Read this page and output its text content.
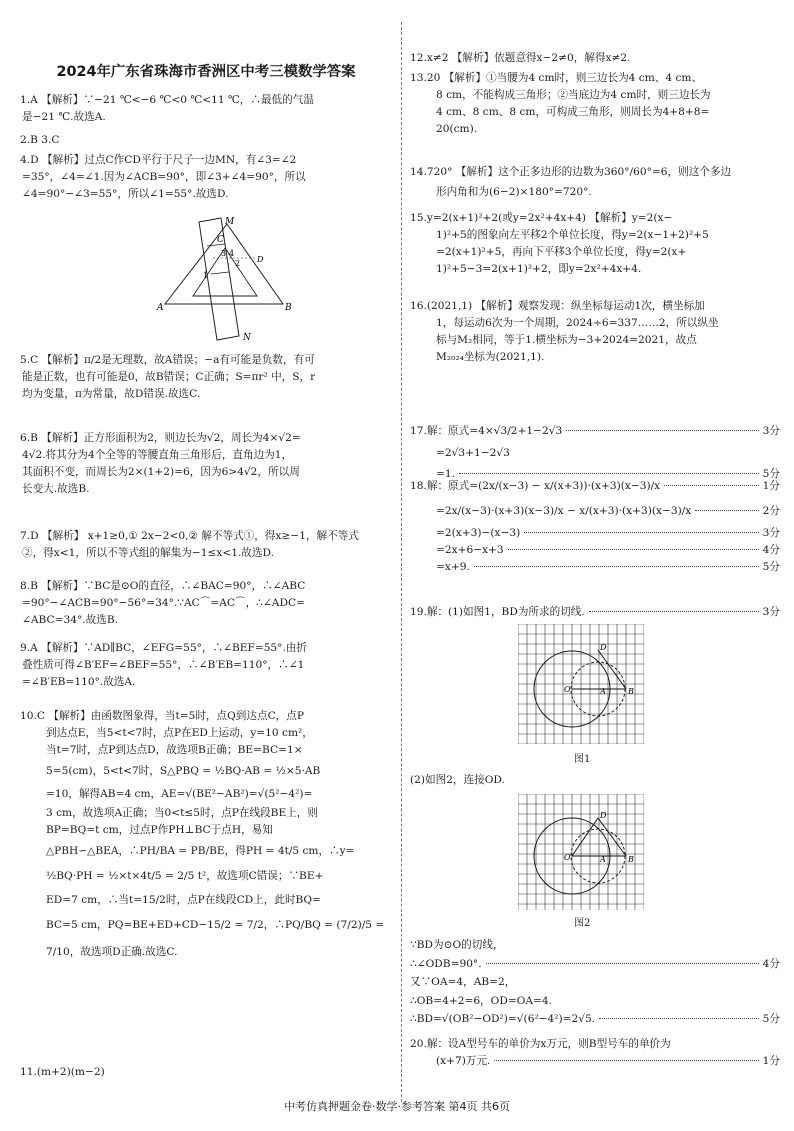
2024年广东省珠海市香洲区中考三模数学答案
1.A 【解析】∵−21 ℃<−6 ℃<0 ℃<11 ℃，∴最低的气温
是−21 ℃.故选A.
2.B 3.C
4.D 【解析】过点C作CD平行于尺子一边MN，有∠3=∠2
=35°，∠4=∠1.因为∠ACB=90°，即∠3+∠4=90°，所以
∠4=90°−∠3=55°，所以∠1=55°.故选D.
M
C
N
A	B
1
2
3 4
D
5.C 【解析】π/2是无理数，故A错误；−a有可能是负数，有可
能是正数，也有可能是0，故B错误；C正确；S=πr² 中，S，r
均为变量，π为常量，故D错误.故选C.
6.B 【解析】正方形面积为2，则边长为√2，周长为4×√2=
4√2.将其分为4个全等的等腰直角三角形后，直角边为1，
其面积不变，而周长为2×(1+2)=6，因为6>4√2，所以周
长变大.故选B.
7.D 【解析】 x+1≥0,① 2x−2<0,② 解不等式①，得x≥−1，解不等式
②，得x<1，所以不等式组的解集为−1≤x<1.故选D.
8.B 【解析】∵BC是⊙O的直径，∴∠BAC=90°，∴∠ABC
=90°−∠ACB=90°−56°=34°.∵AC⌒=AC⌒，∴∠ADC=
∠ABC=34°.故选B.
9.A 【解析】∵AD∥BC，∠EFG=55°，∴∠BEF=55°.由折
叠性质可得∠B′EF=∠BEF=55°，∴∠B′EB=110°，∴∠1
=∠B′EB=110°.故选A.
10.C 【解析】由函数图象得，当t=5时，点Q到达点C，点P
到达点E，当5<t<7时，点P在ED上运动，y=10 cm²，
当t=7时，点P到达点D，故选项B正确；BE=BC=1×
5=5(cm)，5<t<7时，S△PBQ = ½BQ·AB = ½×5·AB
=10，解得AB=4 cm，AE=√(BE²−AB²)=√(5²−4²)=
3 cm，故选项A正确；当0<t≤5时，点P在线段BE上，则
BP=BQ=t cm，过点P作PH⊥BC于点H，易知
△PBH∽△BEA，∴PH/BA = PB/BE，得PH = 4t/5 cm，∴y=
½BQ·PH = ½×t×4t/5 = 2/5 t²，故选项C错误；∵BE+
ED=7 cm，∴当t=15/2时，点P在线段CD上，此时BQ=
BC=5 cm，PQ=BE+ED+CD−15/2 = 7/2，∴PQ/BQ = (7/2)/5 =
7/10，故选项D正确.故选C.
11.(m+2)(m−2)
12.x≠2 【解析】依题意得x−2≠0，解得x≠2.
13.20 【解析】①当腰为4 cm时，则三边长为4 cm、4 cm、
8 cm，不能构成三角形；②当底边为4 cm时，则三边长为
4 cm、8 cm、8 cm，可构成三角形，则周长为4+8+8=
20(cm).
14.720° 【解析】这个正多边形的边数为360°/60°=6，则这个多边
形内角和为(6−2)×180°=720°.
15.y=2(x+1)²+2(或y=2x²+4x+4) 【解析】y=2(x−
1)²+5的图象向左平移2个单位长度，得y=2(x−1+2)²+5
=2(x+1)²+5，再向下平移3个单位长度，得y=2(x+
1)²+5−3=2(x+1)²+2，即y=2x²+4x+4.
16.(2021,1) 【解析】观察发现：纵坐标每运动1次，横坐标加
1，每运动6次为一个周期，2024÷6=337……2，所以纵坐
标与M₂相同，等于1.横坐标为−3+2024=2021，故点
M₂₀₂₄坐标为(2021,1).
17.解：原式=4×√3/2+1−2√3	3分
=2√3+1−2√3
=1.	5分
18.解：原式=(2x/(x−3) − x/(x+3))·(x+3)(x−3)/x	1分
=2x/(x−3)·(x+3)(x−3)/x − x/(x+3)·(x+3)(x−3)/x	2分
=2(x+3)−(x−3)	3分
=2x+6−x+3	4分
=x+9.	5分
19.解：(1)如图1，BD为所求的切线.	3分
O	A	B
D
图1
(2)如图2，连接OD.
O	A	B
D
图2
∵BD为⊙O的切线，
∴∠ODB=90°.	4分
又∵OA=4，AB=2，
∴OB=4+2=6，OD=OA=4.
∴BD=√(OB²−OD²)=√(6²−4²)=2√5.	5分
20.解：设A型号车的单价为x万元，则B型号车的单价为
(x+7)万元.	1分
中考仿真押题金卷·数学·参考答案 第4页 共6页
